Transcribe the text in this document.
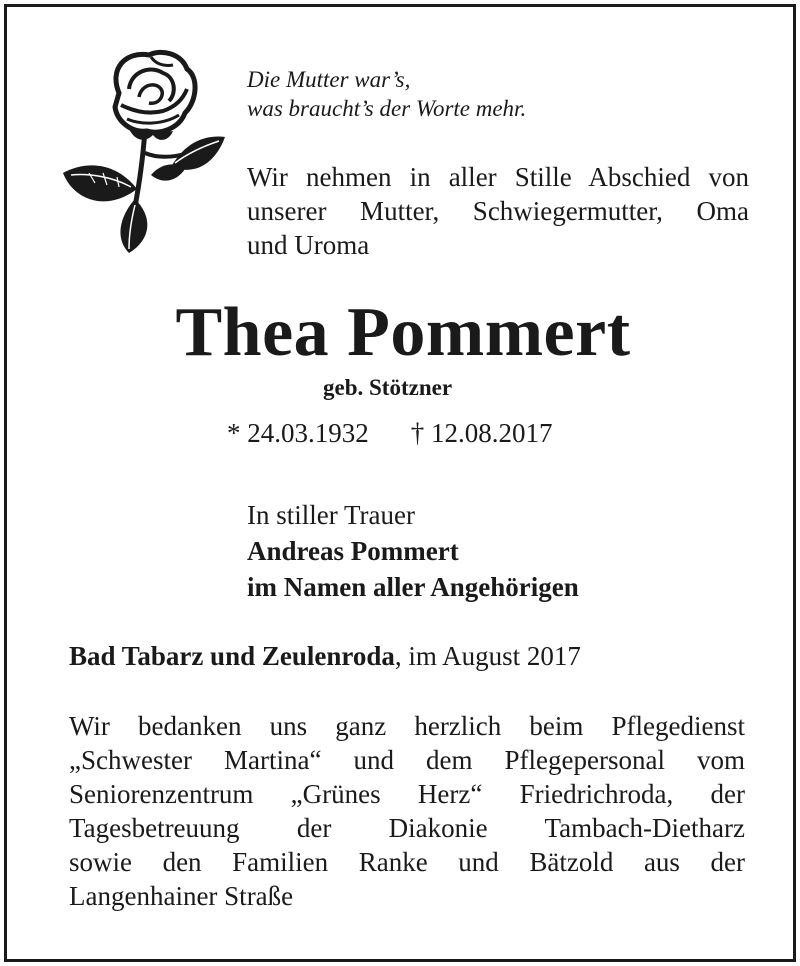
Die Mutter war’s,
was braucht’s der Worte mehr.
Wir nehmen in aller Stille Abschied von
unserer Mutter, Schwiegermutter, Oma
und Uroma
Thea Pommert
geb. Stötzner
* 24.03.1932 † 12.08.2017
In stiller Trauer
Andreas Pommert
im Namen aller Angehörigen
Bad Tabarz und Zeulenroda, im August 2017
Wir bedanken uns ganz herzlich beim Pflegedienst
„Schwester Martina“ und dem Pflegepersonal vom
Seniorenzentrum „Grünes Herz“ Friedrichroda, der
Tagesbetreuung der Diakonie Tambach-Dietharz
sowie den Familien Ranke und Bätzold aus der
Langenhainer Straße
